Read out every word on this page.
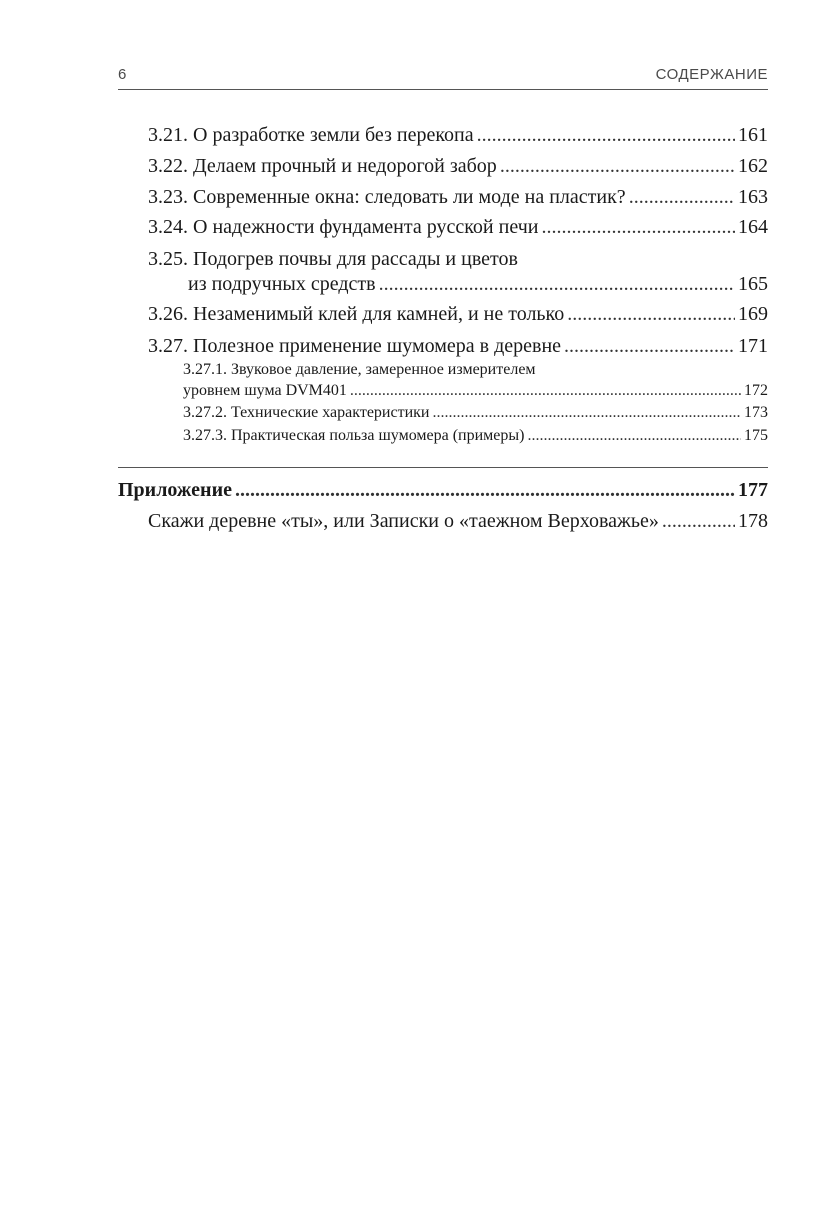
6	СОДЕРЖАНИЕ
3.21. О разработке земли без перекопа .....	161
3.22. Делаем прочный и недорогой забор .....	162
3.23. Современные окна: следовать ли моде на пластик? .....	163
3.24. О надежности фундамента русской печи .....	164
3.25. Подогрев почвы для рассады и цветов
из подручных средств .....	165
3.26. Незаменимый клей для камней, и не только .....	169
3.27. Полезное применение шумомера в деревне .....	171
3.27.1. Звуковое давление, замеренное измерителем
уровнем шума DVM401 .....	172
3.27.2. Технические характеристики .....	173
3.27.3. Практическая польза шумомера (примеры) .....	175
Приложение .....	177
Скажи деревне «ты», или Записки о «таежном Верховажье» .....	178
